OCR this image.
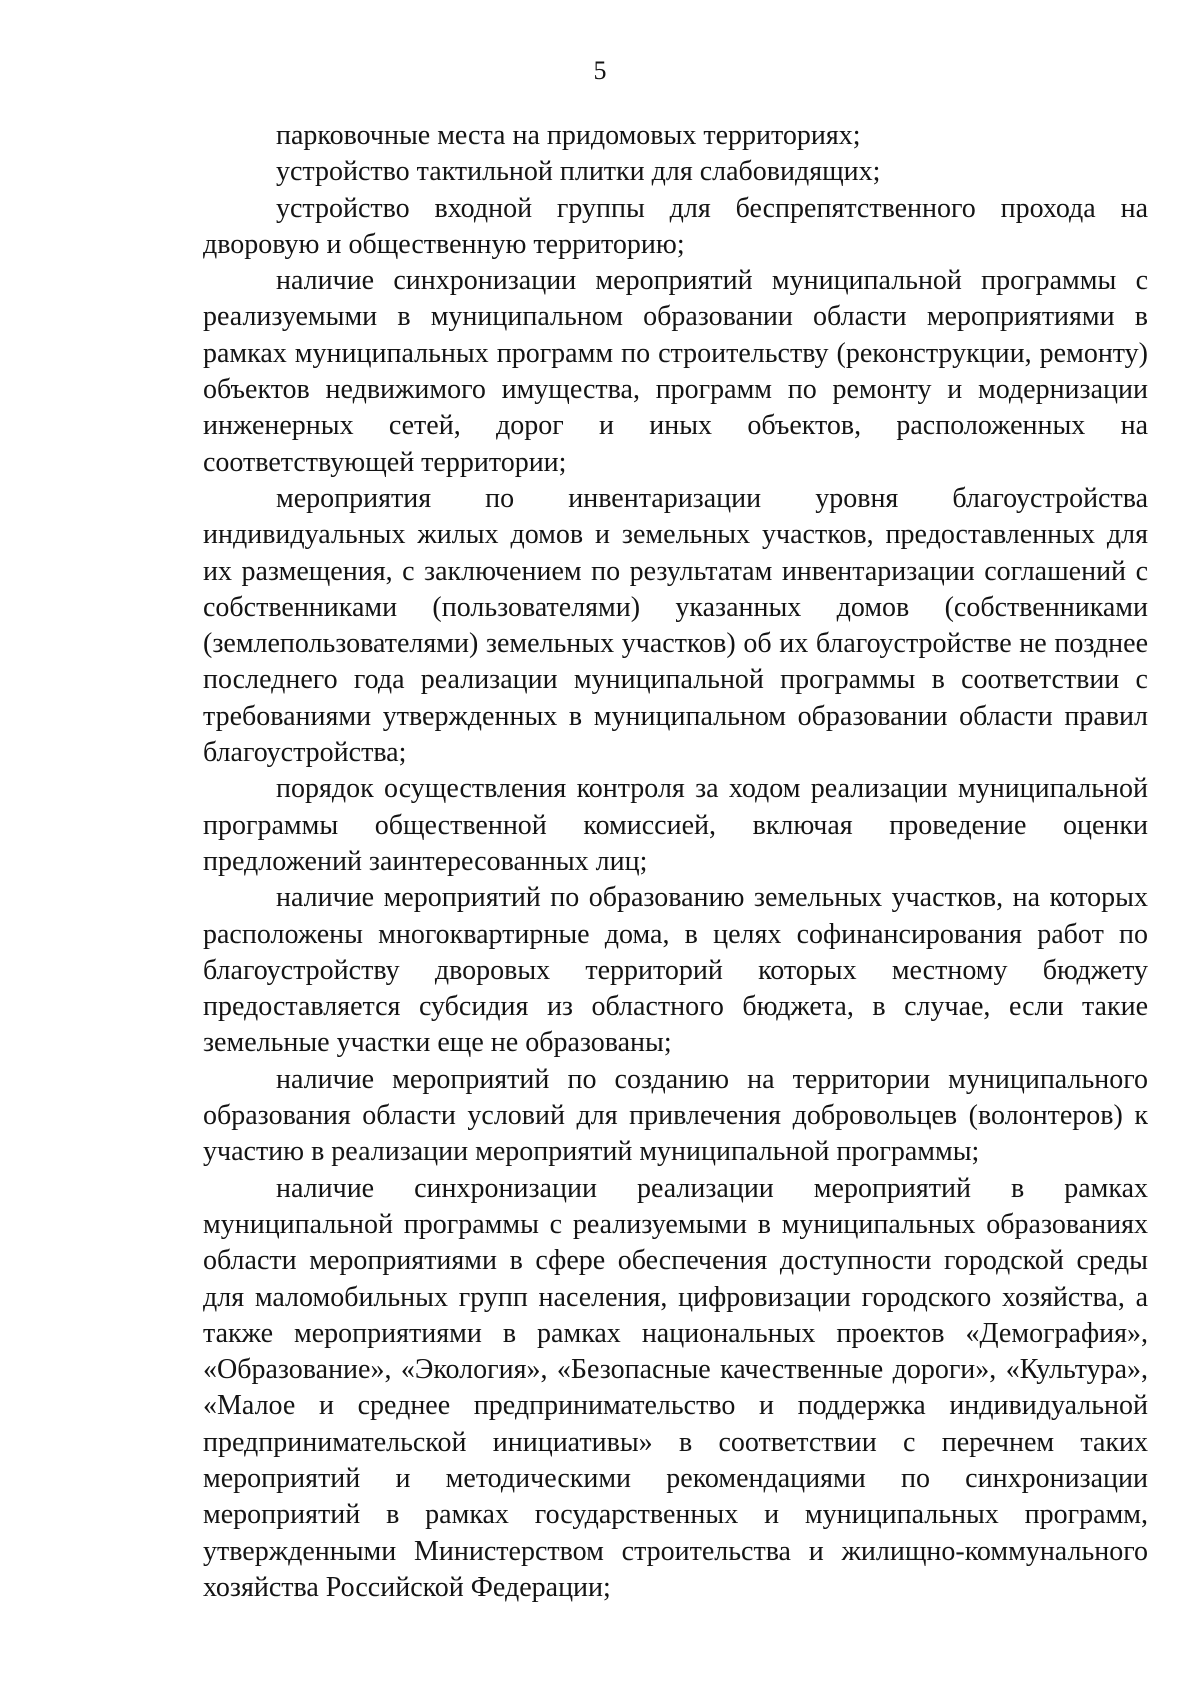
5

парковочные места на придомовых территориях;

устройство тактильной плитки для слабовидящих;

устройство входной группы для беспрепятственного прохода на дворовую и общественную территорию;

наличие синхронизации мероприятий муниципальной программы с реализуемыми в муниципальном образовании области мероприятиями в рамках муниципальных программ по строительству (реконструкции, ремонту) объектов недвижимого имущества, программ по ремонту и модернизации инженерных сетей, дорог и иных объектов, расположенных на соответствующей территории;

мероприятия по инвентаризации уровня благоустройства индивидуальных жилых домов и земельных участков, предоставленных для их размещения, с заключением по результатам инвентаризации соглашений с собственниками (пользователями) указанных домов (собственниками (землепользователями) земельных участков) об их благоустройстве не позднее последнего года реализации муниципальной программы в соответствии с требованиями утвержденных в муниципальном образовании области правил благоустройства;

порядок осуществления контроля за ходом реализации муниципальной программы общественной комиссией, включая проведение оценки предложений заинтересованных лиц;

наличие мероприятий по образованию земельных участков, на которых расположены многоквартирные дома, в целях софинансирования работ по благоустройству дворовых территорий которых местному бюджету предоставляется субсидия из областного бюджета, в случае, если такие земельные участки еще не образованы;

наличие мероприятий по созданию на территории муниципального образования области условий для привлечения добровольцев (волонтеров) к участию в реализации мероприятий муниципальной программы;

наличие синхронизации реализации мероприятий в рамках муниципальной программы с реализуемыми в муниципальных образованиях области мероприятиями в сфере обеспечения доступности городской среды для маломобильных групп населения, цифровизации городского хозяйства, а также мероприятиями в рамках национальных проектов «Демография», «Образование», «Экология», «Безопасные качественные дороги», «Культура», «Малое и среднее предпринимательство и поддержка индивидуальной предпринимательской инициативы» в соответствии с перечнем таких мероприятий и методическими рекомендациями по синхронизации мероприятий в рамках государственных и муниципальных программ, утвержденными Министерством строительства и жилищно-коммунального хозяйства Российской Федерации;
